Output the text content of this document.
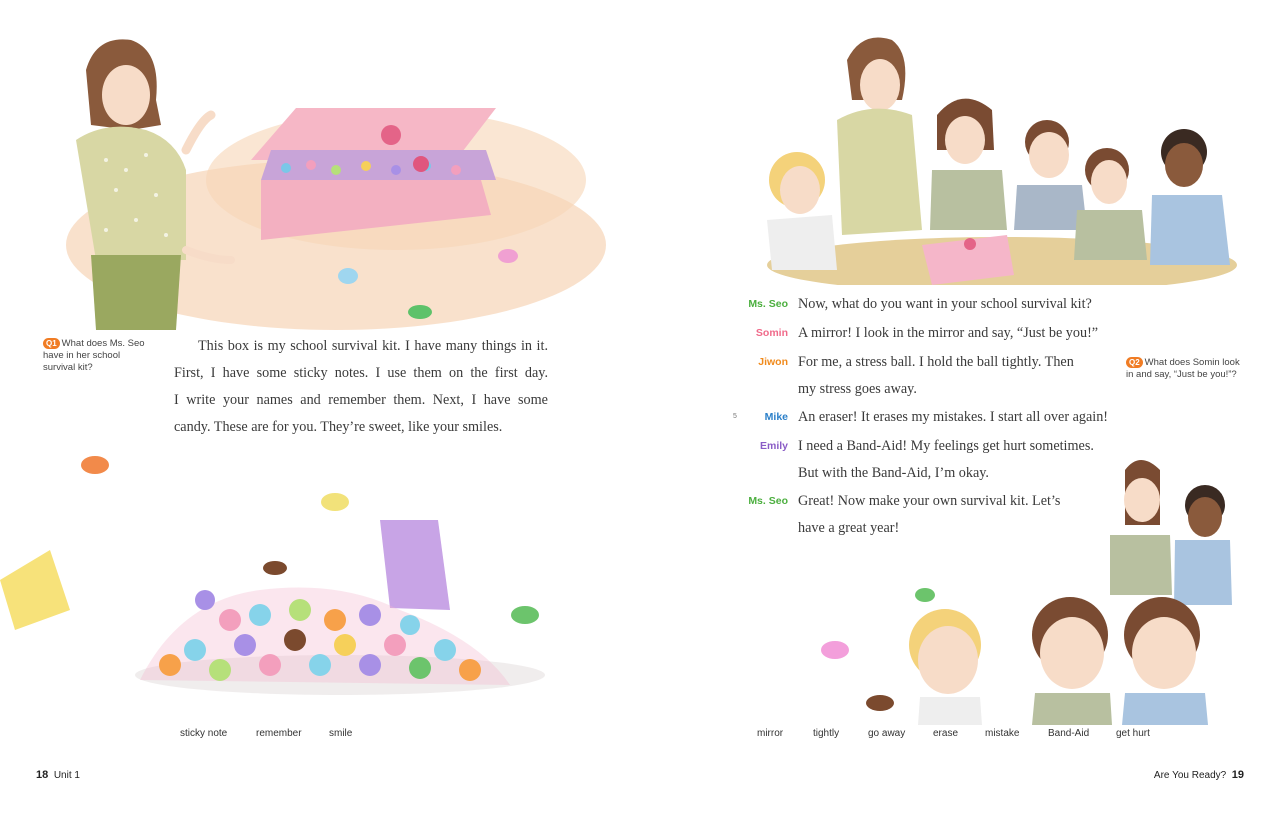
Q1 What does Ms. Seo have in her school survival kit?
This box is my school survival kit. I have many things in it.
First, I have some sticky notes. I use them on the first day.
I write your names and remember them. Next, I have some
candy. These are for you. They’re sweet, like your smiles.
sticky note	remember	smile
18 Unit 1
Ms. Seo Now, what do you want in your school survival kit?
Somin A mirror! I look in the mirror and say, “Just be you!”
Jiwon For me, a stress ball. I hold the ball tightly. Then
my stress goes away.
5	Mike An eraser! It erases my mistakes. I start all over again!
Emily I need a Band-Aid! My feelings get hurt sometimes.
But with the Band-Aid, I’m okay.
Ms. Seo Great! Now make your own survival kit. Let’s
have a great year!
Q2 What does Somin look in and say, “Just be you!”?
mirror	tightly	go away	erase	mistake	Band-Aid	get hurt
Are You Ready? 19
